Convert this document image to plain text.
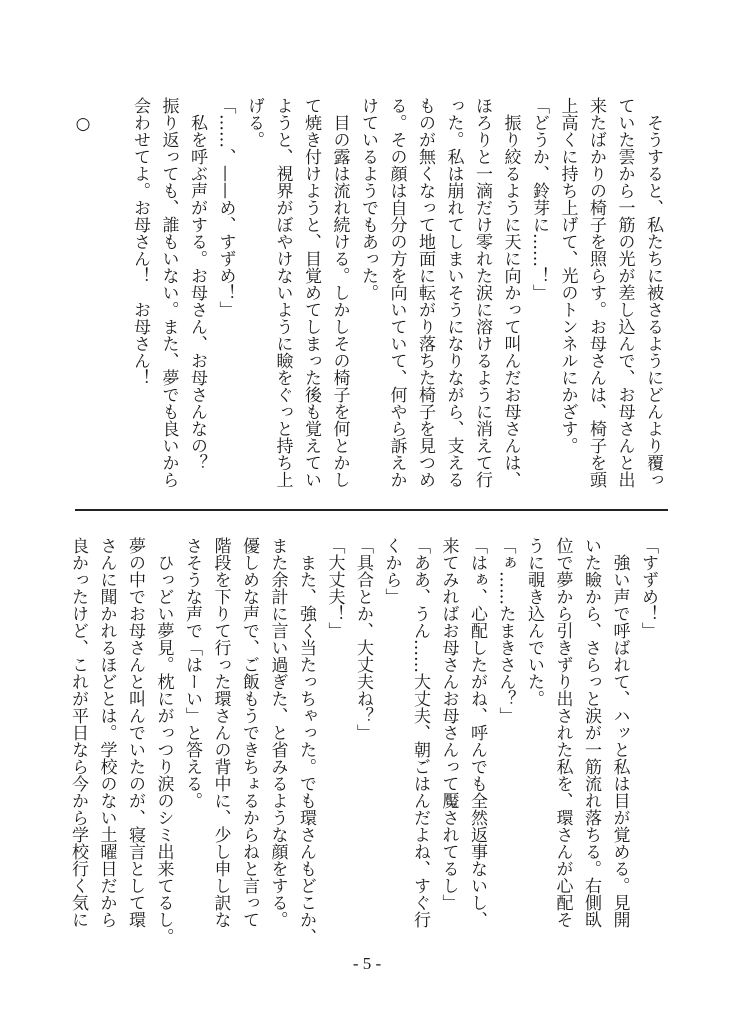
　そうすると、私たちに被さるようにどんより覆っ
ていた雲から一筋の光が差し込んで、お母さんと出
来たばかりの椅子を照らす。お母さんは、椅子を頭
上高くに持ち上げて、光のトンネルにかざす。
「どうか、鈴芽に……！」
　振り絞るように天に向かって叫んだお母さんは、
ほろりと一滴だけ零れた涙に溶けるように消えて行
った。私は崩れてしまいそうになりながら、支える
ものが無くなって地面に転がり落ちた椅子を見つめ
る。その顔は自分の方を向いていて、何やら訴えか
けているようでもあった。
　目の露は流れ続ける。しかしその椅子を何とかし
て焼き付けようと、目覚めてしまった後も覚えてい
ようと、視界がぼやけないように瞼をぐっと持ち上
げる。
「……、——め、すずめ！」
　私を呼ぶ声がする。お母さん、お母さんなの？
振り返っても、誰もいない。また、夢でも良いから
会わせてよ。お母さん！　お母さん！

　○
「すずめ！」
　強い声で呼ばれて、ハッと私は目が覚める。見開
いた瞼から、さらっと涙が一筋流れ落ちる。右側臥
位で夢から引きずり出された私を、環さんが心配そ
うに覗き込んでいた。
「ぁ……たまきさん？」
「はぁ、心配したがね、呼んでも全然返事ないし、
来てみればお母さんお母さんって魘されてるし」
「ああ、うん……大丈夫、朝ごはんだよね、すぐ行
くから」
「具合とか、大丈夫ね？」
「大丈夫！」
　また、強く当たっちゃった。でも環さんもどこか、
また余計に言い過ぎた、と省みるような顔をする。
優しめな声で、ご飯もうできちょるからねと言って
階段を下りて行った環さんの背中に、少し申し訳な
さそうな声で「はーい」と答える。
　ひっどい夢見。枕にがっつり涙のシミ出来てるし。
夢の中でお母さんと叫んでいたのが、寝言として環
さんに聞かれるほどとは。学校のない土曜日だから
良かったけど、これが平日なら今から学校行く気に
- 5 -
